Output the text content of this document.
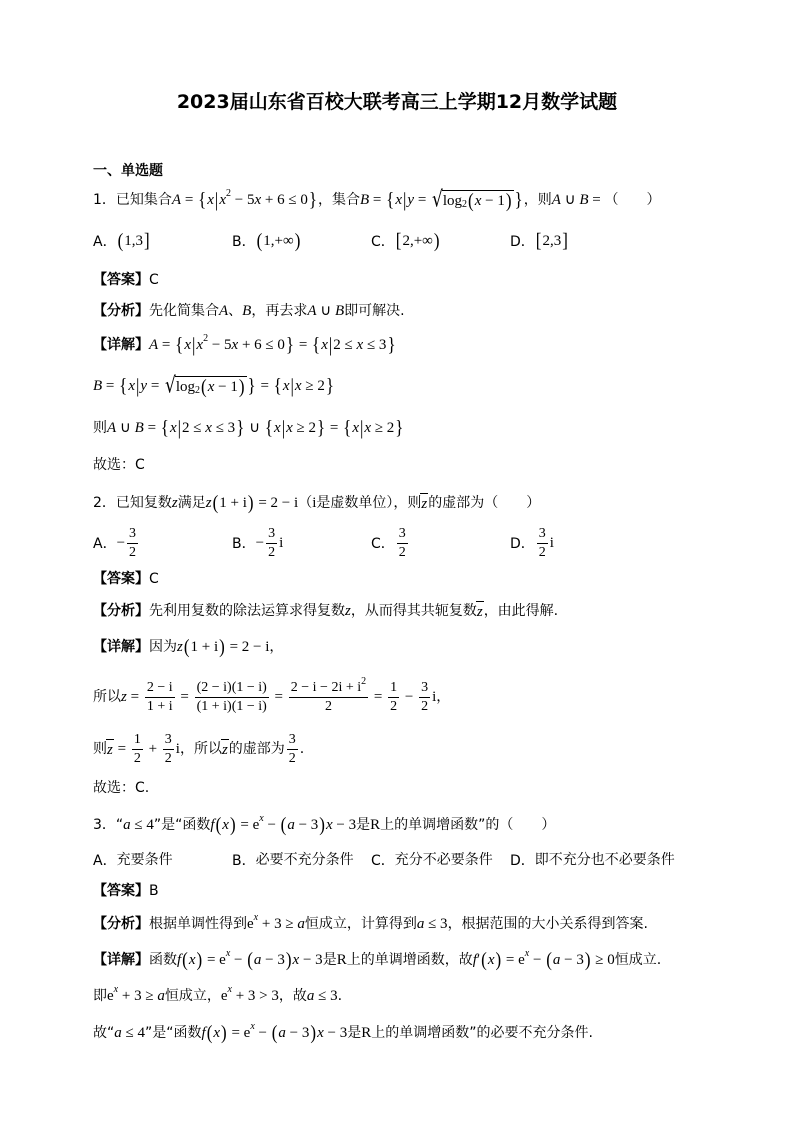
2023届山东省百校大联考高三上学期12月数学试题
一、单选题
1．已知集合 A = { x | x 2 − 5 x + 6 ≤ 0 } ，集合 B = { x | y = √ log 2 ( x − 1 ) } ，则 A ∪ B = （　　）
A． ( 1,3 ]	B． ( 1,+∞ )	C． [ 2,+∞ )	D． [ 2,3 ]
【答案】 C
【分析】 先化简集合 A 、 B ，再去求 A ∪ B 即可解决.
【详解】 A = { x | x 2 − 5 x + 6 ≤ 0 } = { x | 2 ≤ x ≤ 3 }
B = { x | y = √ log 2 ( x − 1 ) } = { x | x ≥ 2 }
则 A ∪ B = { x | 2 ≤ x ≤ 3 } ∪ { x | x ≥ 2 } = { x | x ≥ 2 }
故选：C
2．已知复数 z 满足 z ( 1 + i ) = 2 − i （ i 是虚数单位），则 z 的虚部为（　　）
A． − $\frac{3}{2}$	B． − $\frac{3}{2}$ i	C． $\frac{3}{2}$	D． $\frac{3}{2}$ i
【答案】 C
【分析】 先利用复数的除法运算求得复数 z ，从而得其共轭复数 z ，由此得解.
【详解】 因为 z ( 1 + i ) = 2 − i ，
所以 $z = \frac{2 - i}{1 + i} = \frac{(2 - i)(1 - i)}{(1 + i)(1 - i)} = \frac{2 - i - 2i + i 2}{2} = \frac{1}{2} - \frac{3}{2}$ i ，
则 $z = \frac{1}{2} + \frac{3}{2}$ i ，所以 z 的虚部为 $\frac{3}{2}$ .
故选：C.
3．“ a ≤ 4 ”是“函数 f ( x ) = e x − ( a − 3 ) x − 3 是 R 上的单调增函数”的（　　）
A． 充要条件	B． 必要不充分条件 C． 充分不必要条件 D． 即不充分也不必要条件
【答案】 B
【分析】 根据单调性得到 e x + 3 ≥ a 恒成立，计算得到 a ≤ 3 ，根据范围的大小关系得到答案.
【详解】 函数 f ( x ) = e x − ( a − 3 ) x − 3 是 R 上的单调增函数，故 f ′ ( x ) = e x − ( a − 3 ) ≥ 0 恒成立.
即 e x + 3 ≥ a 恒成立， e x + 3 > 3 ，故 a ≤ 3 .
故“ a ≤ 4 ”是“函数 f ( x ) = e x − ( a − 3 ) x − 3 是 R 上的单调增函数”的必要不充分条件.
